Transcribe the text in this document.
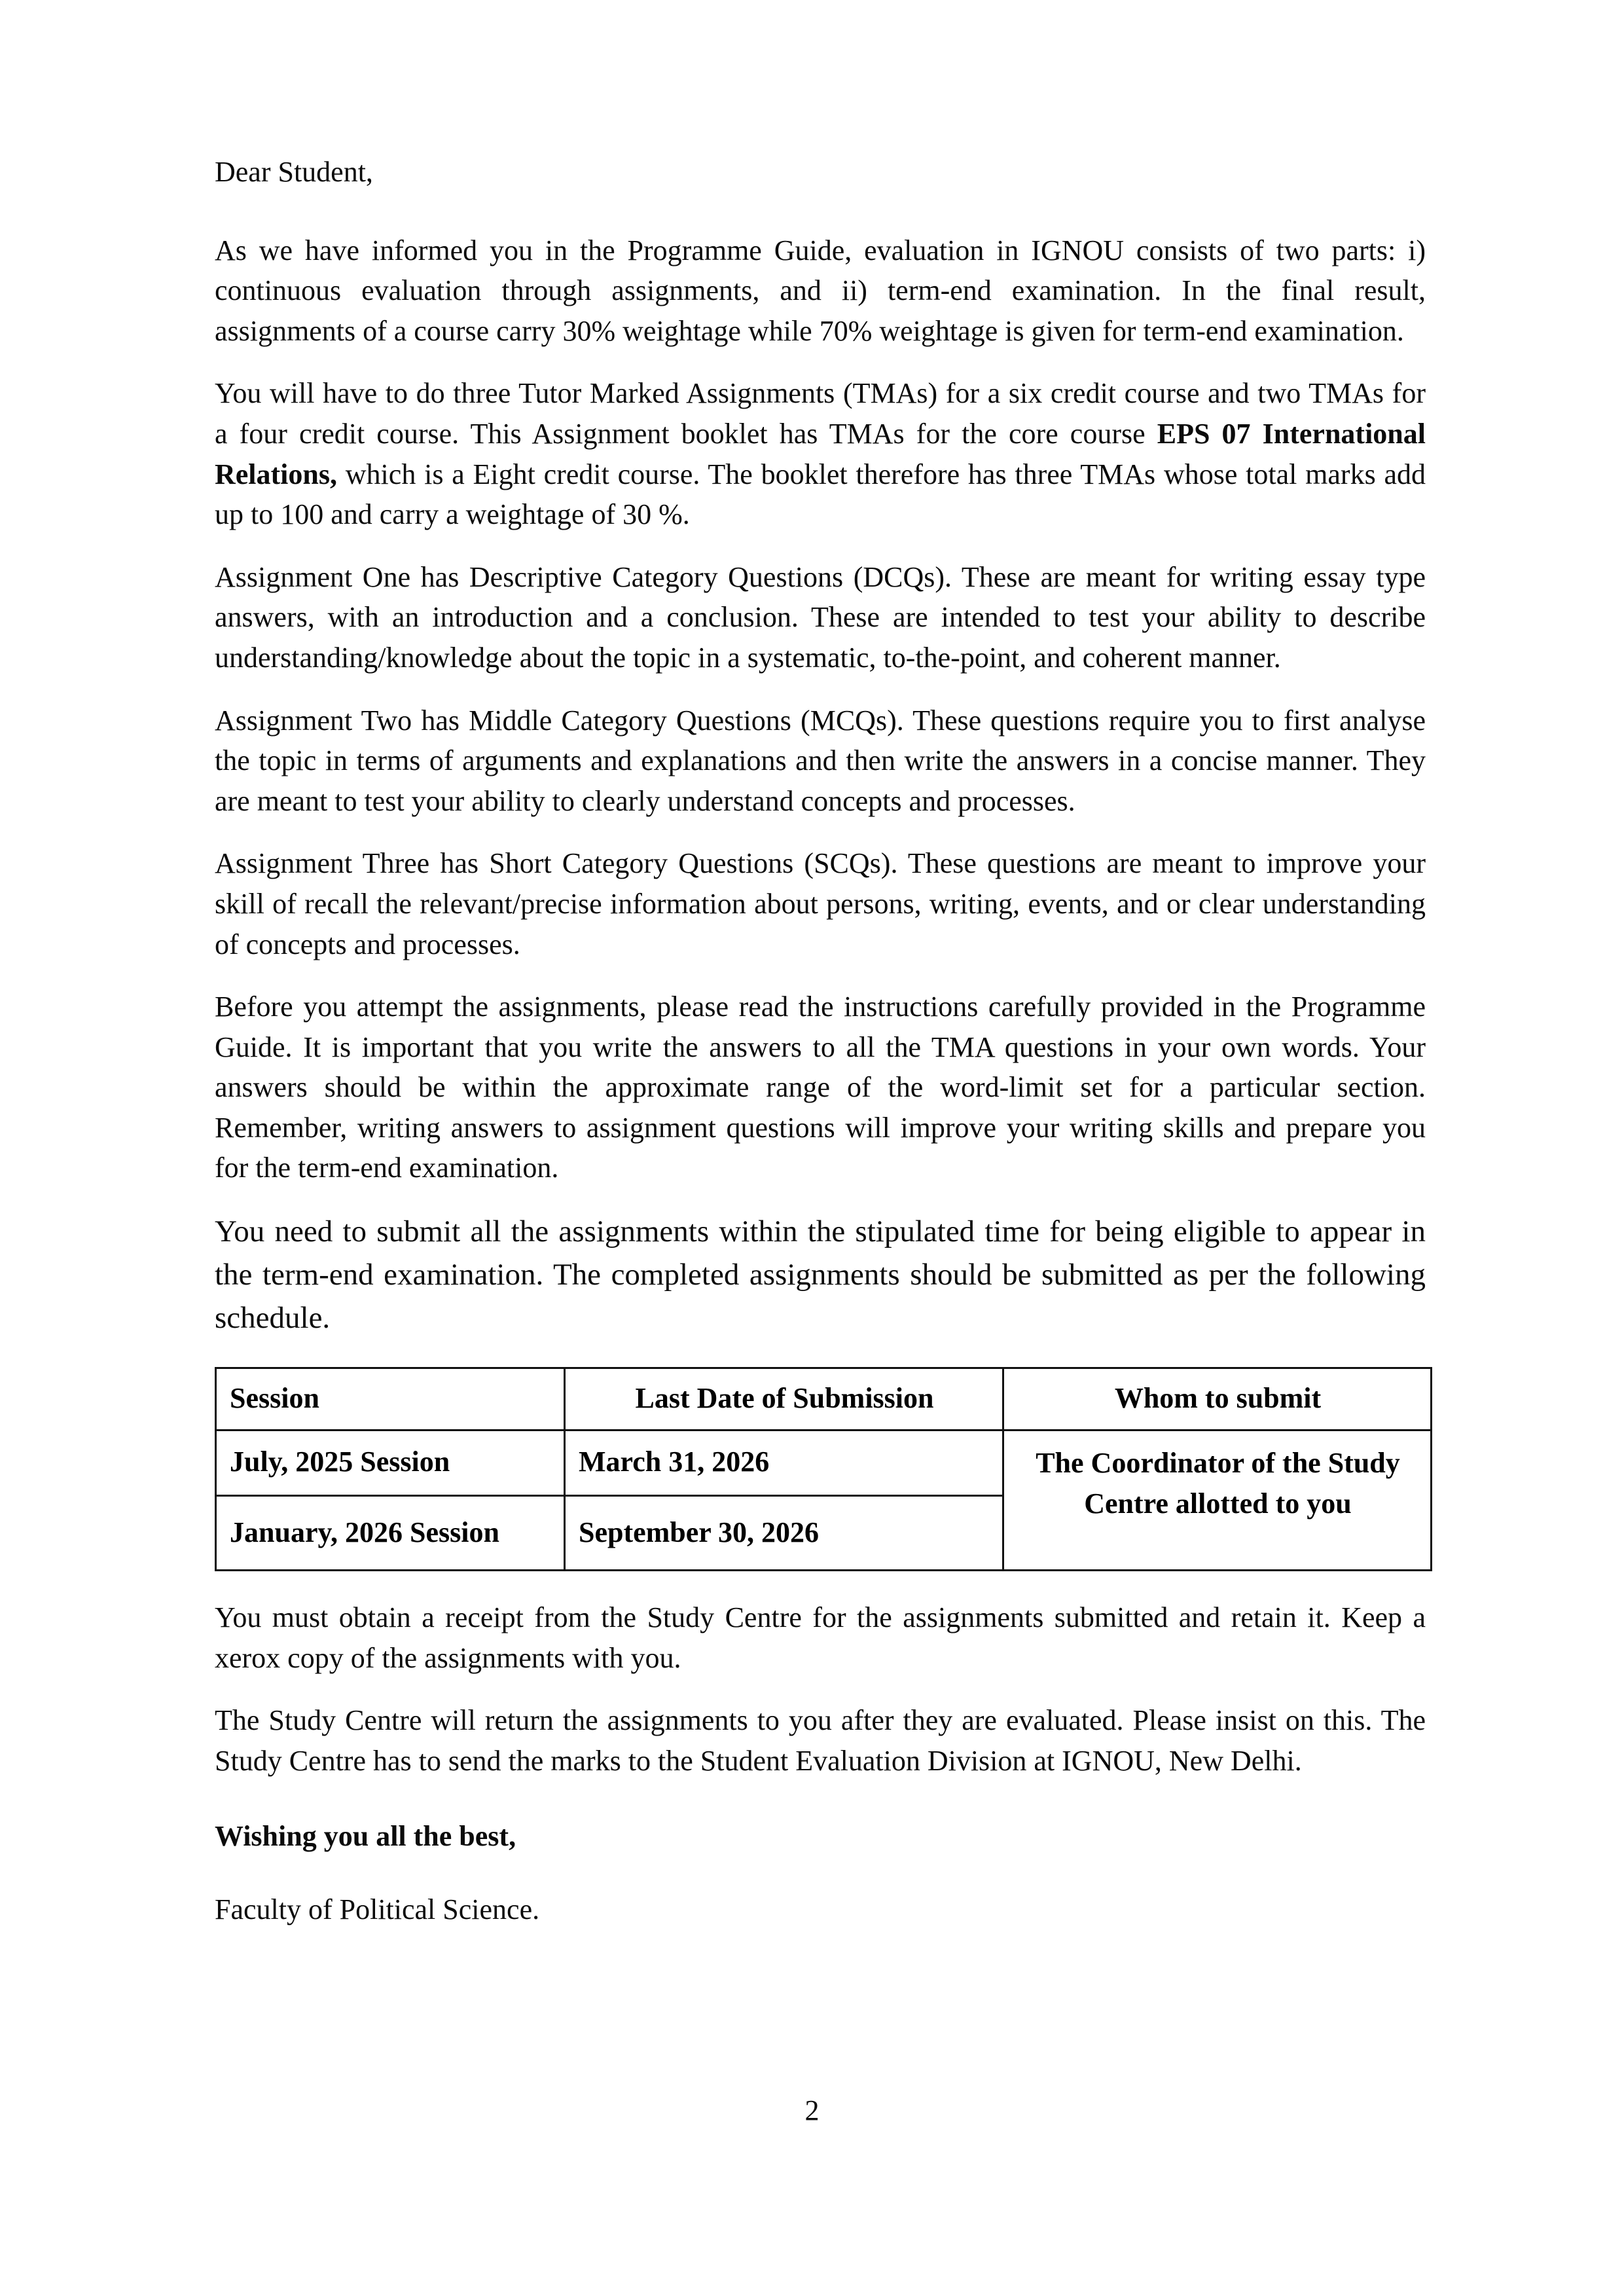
Dear Student,

As we have informed you in the Programme Guide, evaluation in IGNOU consists of two parts: i) continuous evaluation through assignments, and ii) term-end examination. In the final result, assignments of a course carry 30% weightage while 70% weightage is given for term-end examination.

You will have to do three Tutor Marked Assignments (TMAs) for a six credit course and two TMAs for a four credit course. This Assignment booklet has TMAs for the core course EPS 07 International Relations, which is a Eight credit course. The booklet therefore has three TMAs whose total marks add up to 100 and carry a weightage of 30 %.

Assignment One has Descriptive Category Questions (DCQs). These are meant for writing essay type answers, with an introduction and a conclusion. These are intended to test your ability to describe understanding/knowledge about the topic in a systematic, to-the-point, and coherent manner.

Assignment Two has Middle Category Questions (MCQs). These questions require you to first analyse the topic in terms of arguments and explanations and then write the answers in a concise manner. They are meant to test your ability to clearly understand concepts and processes.

Assignment Three has Short Category Questions (SCQs). These questions are meant to improve your skill of recall the relevant/precise information about persons, writing, events, and or clear understanding of concepts and processes.

Before you attempt the assignments, please read the instructions carefully provided in the Programme Guide. It is important that you write the answers to all the TMA questions in your own words. Your answers should be within the approximate range of the word-limit set for a particular section. Remember, writing answers to assignment questions will improve your writing skills and prepare you for the term-end examination.

You need to submit all the assignments within the stipulated time for being eligible to appear in the term-end examination. The completed assignments should be submitted as per the following schedule.

Session	Last Date of Submission	Whom to submit
July, 2025 Session	March 31, 2026	The Coordinator of the Study Centre allotted to you
January, 2026 Session	September 30, 2026	

You must obtain a receipt from the Study Centre for the assignments submitted and retain it. Keep a xerox copy of the assignments with you.

The Study Centre will return the assignments to you after they are evaluated. Please insist on this. The Study Centre has to send the marks to the Student Evaluation Division at IGNOU, New Delhi.

Wishing you all the best,

Faculty of Political Science.

2
